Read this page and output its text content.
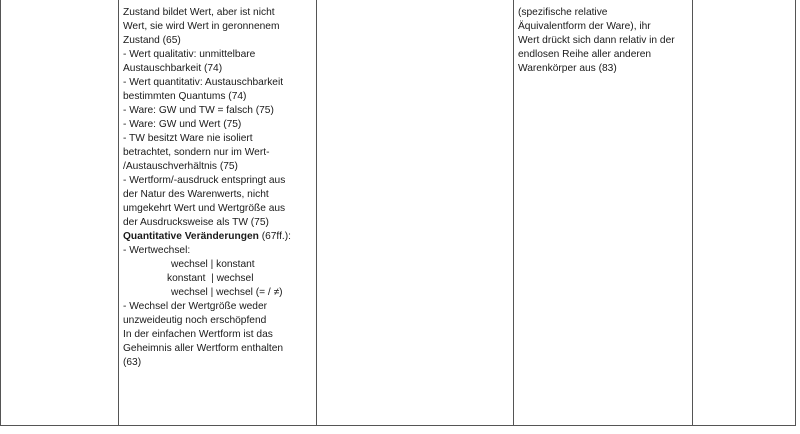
Zustand bildet Wert, aber ist nicht
Wert, sie wird Wert in geronnenem
Zustand (65)
- Wert qualitativ: unmittelbare
Austauschbarkeit (74)
- Wert quantitativ: Austauschbarkeit
bestimmten Quantums (74)
- Ware: GW und TW = falsch (75)
- Ware: GW und Wert (75)
- TW besitzt Ware nie isoliert
betrachtet, sondern nur im Wert-
/Austauschverhältnis (75)
- Wertform/-ausdruck entspringt aus
der Natur des Warenwerts, nicht
umgekehrt Wert und Wertgröße aus
der Ausdrucksweise als TW (75)
Quantitative Veränderungen (67ff.):
- Wertwechsel:
wechsel | konstant
konstant  | wechsel
wechsel | wechsel (= / ≠)
- Wechsel der Wertgröße weder
unzweideutig noch erschöpfend
In der einfachen Wertform ist das
Geheimnis aller Wertform enthalten
(63)
(spezifische relative
Äquivalentform der Ware), ihr
Wert drückt sich dann relativ in der
endlosen Reihe aller anderen
Warenkörper aus (83)
